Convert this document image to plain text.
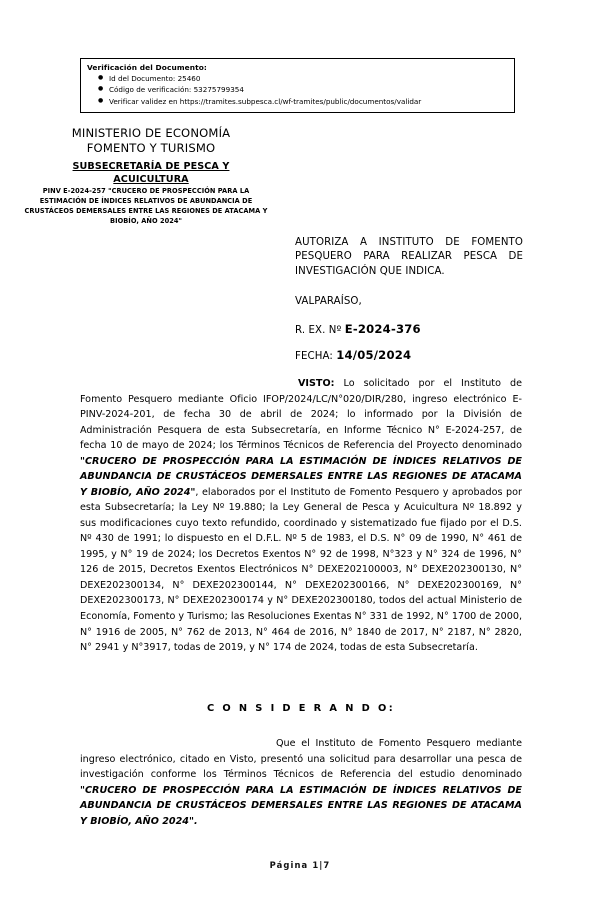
Verificación del Documento:
● Id del Documento: 25460
● Código de verificación: 53275799354
● Verificar validez en https://tramites.subpesca.cl/wf-tramites/public/documentos/validar
MINISTERIO DE ECONOMÍA
FOMENTO Y TURISMO
SUBSECRETARÍA DE PESCA Y
ACUICULTURA
PINV E-2024-257 "CRUCERO DE PROSPECCIÓN PARA LA ESTIMACIÓN DE ÍNDICES RELATIVOS DE ABUNDANCIA DE CRUSTÁCEOS DEMERSALES ENTRE LAS REGIONES DE ATACAMA Y BIOBÍO, AÑO 2024"
AUTORIZA A INSTITUTO DE FOMENTO PESQUERO PARA REALIZAR PESCA DE INVESTIGACIÓN QUE INDICA.
VALPARAÍSO,
R. EX. Nº E-2024-376
FECHA: 14/05/2024

VISTO: Lo solicitado por el Instituto de Fomento Pesquero mediante Oficio IFOP/2024/LC/N°020/DIR/280, ingreso electrónico E-PINV-2024-201, de fecha 30 de abril de 2024; lo informado por la División de Administración Pesquera de esta Subsecretaría, en Informe Técnico N° E-2024-257, de fecha 10 de mayo de 2024; los Términos Técnicos de Referencia del Proyecto denominado "CRUCERO DE PROSPECCIÓN PARA LA ESTIMACIÓN DE ÍNDICES RELATIVOS DE ABUNDANCIA DE CRUSTÁCEOS DEMERSALES ENTRE LAS REGIONES DE ATACAMA Y BIOBÍO, AÑO 2024", elaborados por el Instituto de Fomento Pesquero y aprobados por esta Subsecretaría; la Ley Nº 19.880; la Ley General de Pesca y Acuicultura Nº 18.892 y sus modificaciones cuyo texto refundido, coordinado y sistematizado fue fijado por el D.S. Nº 430 de 1991; lo dispuesto en el D.F.L. Nº 5 de 1983, el D.S. N° 09 de 1990, N° 461 de 1995, y N° 19 de 2024; los Decretos Exentos N° 92 de 1998, N°323 y N° 324 de 1996, N° 126 de 2015, Decretos Exentos Electrónicos N° DEXE202100003, N° DEXE202300130, N° DEXE202300134, N° DEXE202300144, N° DEXE202300166, N° DEXE202300169, N° DEXE202300173, N° DEXE202300174 y N° DEXE202300180, todos del actual Ministerio de Economía, Fomento y Turismo; las Resoluciones Exentas N° 331 de 1992, N° 1700 de 2000, N° 1916 de 2005, N° 762 de 2013, N° 464 de 2016, N° 1840 de 2017, N° 2187, N° 2820, N° 2941 y N°3917, todas de 2019, y N° 174 de 2024, todas de esta Subsecretaría.

C O N S I D E R A N D O:

Que el Instituto de Fomento Pesquero mediante ingreso electrónico, citado en Visto, presentó una solicitud para desarrollar una pesca de investigación conforme los Términos Técnicos de Referencia del estudio denominado "CRUCERO DE PROSPECCIÓN PARA LA ESTIMACIÓN DE ÍNDICES RELATIVOS DE ABUNDANCIA DE CRUSTÁCEOS DEMERSALES ENTRE LAS REGIONES DE ATACAMA Y BIOBÍO, AÑO 2024".

Página 1|7
